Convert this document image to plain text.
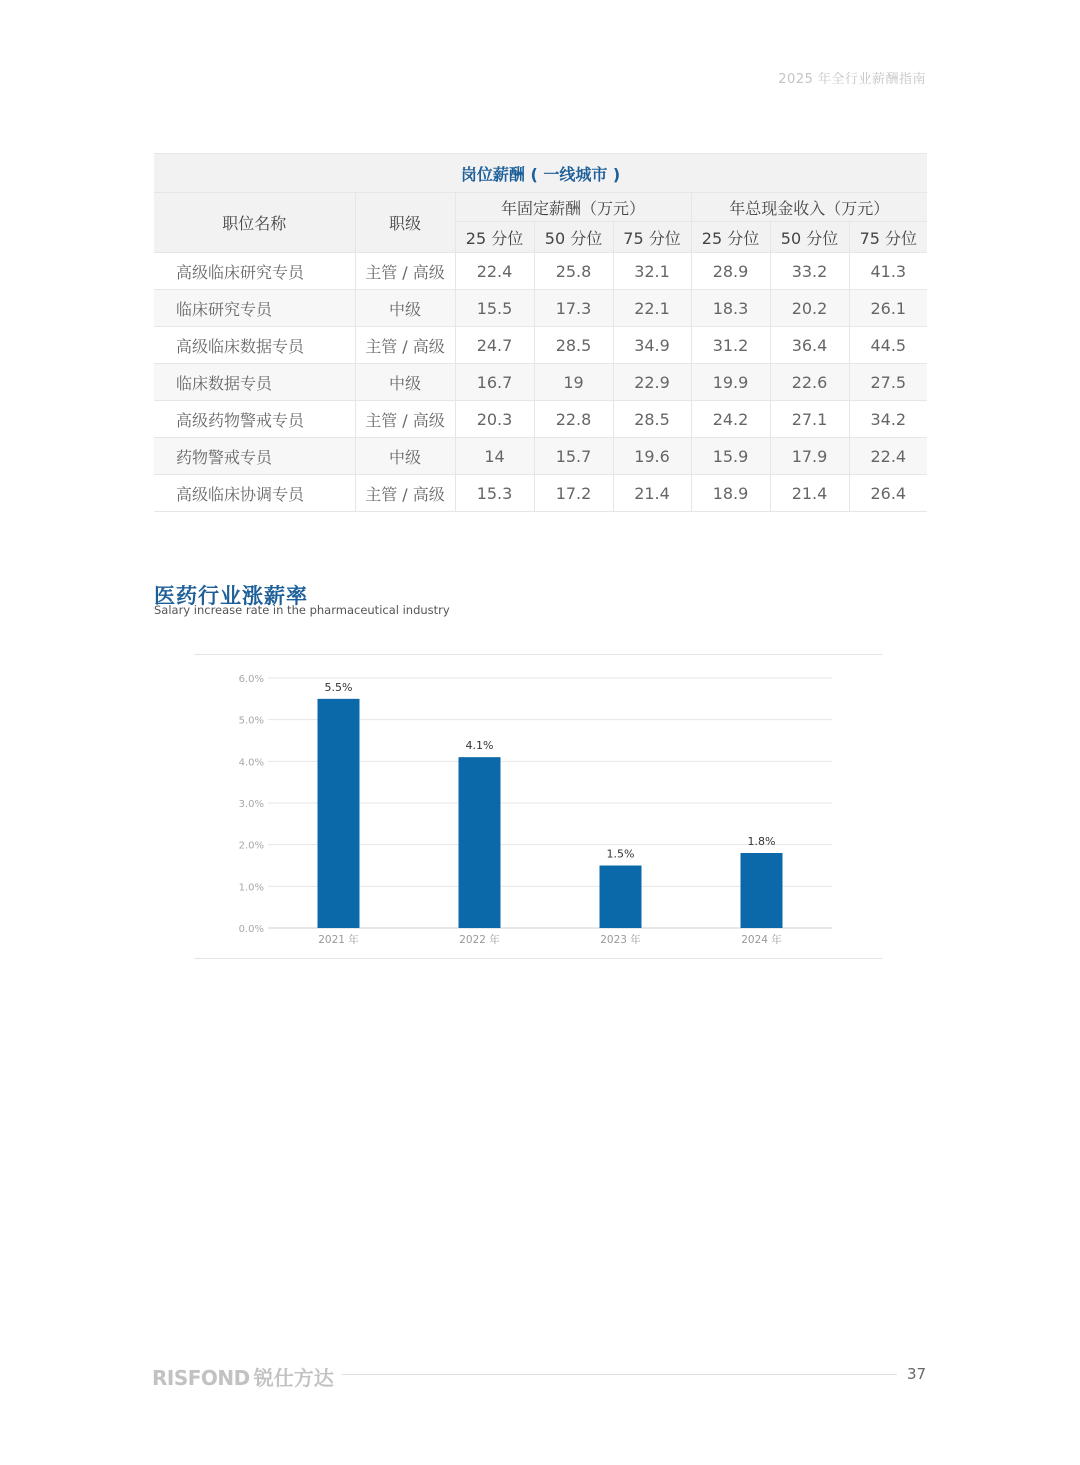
2025 年全行业薪酬指南
岗位薪酬 ( 一线城市 )							
职位名称	职级	年固定薪酬（万元）			年总现金收入（万元）		
		25 分位	50 分位	75 分位	25 分位	50 分位	75 分位
高级临床研究专员	主管 / 高级	22.4	25.8	32.1	28.9	33.2	41.3
临床研究专员	中级	15.5	17.3	22.1	18.3	20.2	26.1
高级临床数据专员	主管 / 高级	24.7	28.5	34.9	31.2	36.4	44.5
临床数据专员	中级	16.7	19	22.9	19.9	22.6	27.5
高级药物警戒专员	主管 / 高级	20.3	22.8	28.5	24.2	27.1	34.2
药物警戒专员	中级	14	15.7	19.6	15.9	17.9	22.4
高级临床协调专员	主管 / 高级	15.3	17.2	21.4	18.9	21.4	26.4
医药行业涨薪率
Salary increase rate in the pharmaceutical industry
0.0%
1.0%
2.0%
3.0%
4.0%
5.0%
6.0%
5.5%
2021 年
4.1%
2022 年
1.5%
2023 年
1.8%
2024 年
RISFOND 锐仕方达	37
